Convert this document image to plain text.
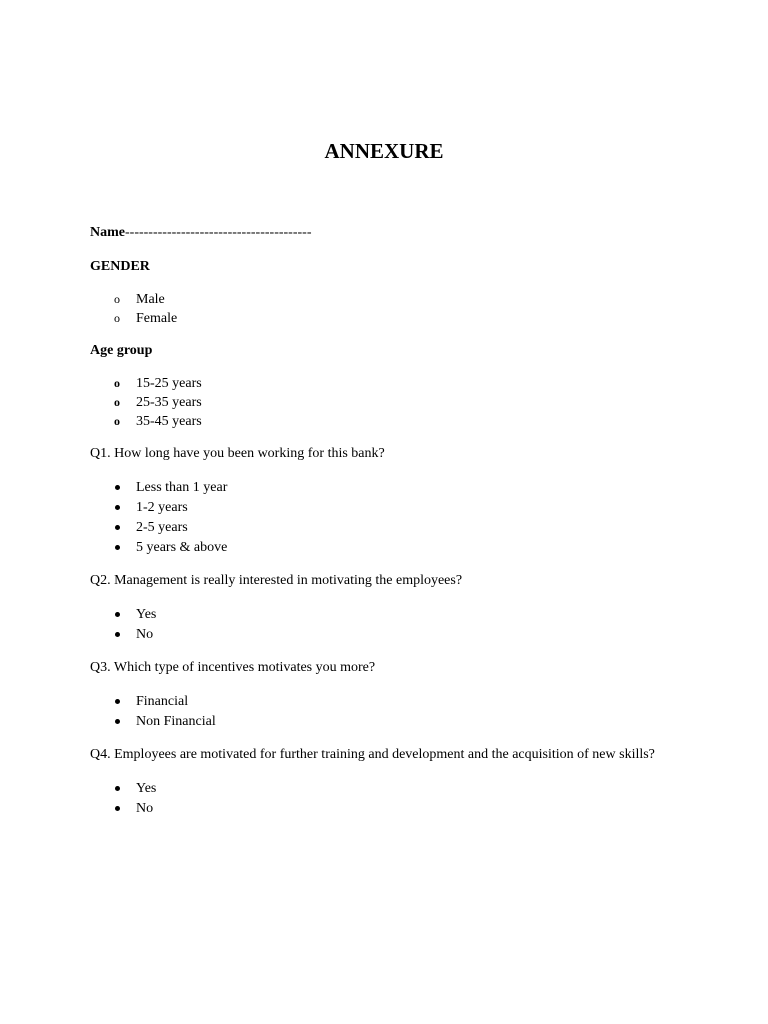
ANNEXURE
Name----------------------------------------
GENDER
o	Male
o	Female
Age group
o	15-25 years
o	25-35 years
o	35-45 years
Q1. How long have you been working for this bank?
Less than 1 year
1-2 years
2-5 years
5 years & above
Q2. Management is really interested in motivating the employees?
Yes
No
Q3. Which type of incentives motivates you more?
Financial
Non Financial
Q4. Employees are motivated for further training and development and the acquisition of new skills?
Yes
No
